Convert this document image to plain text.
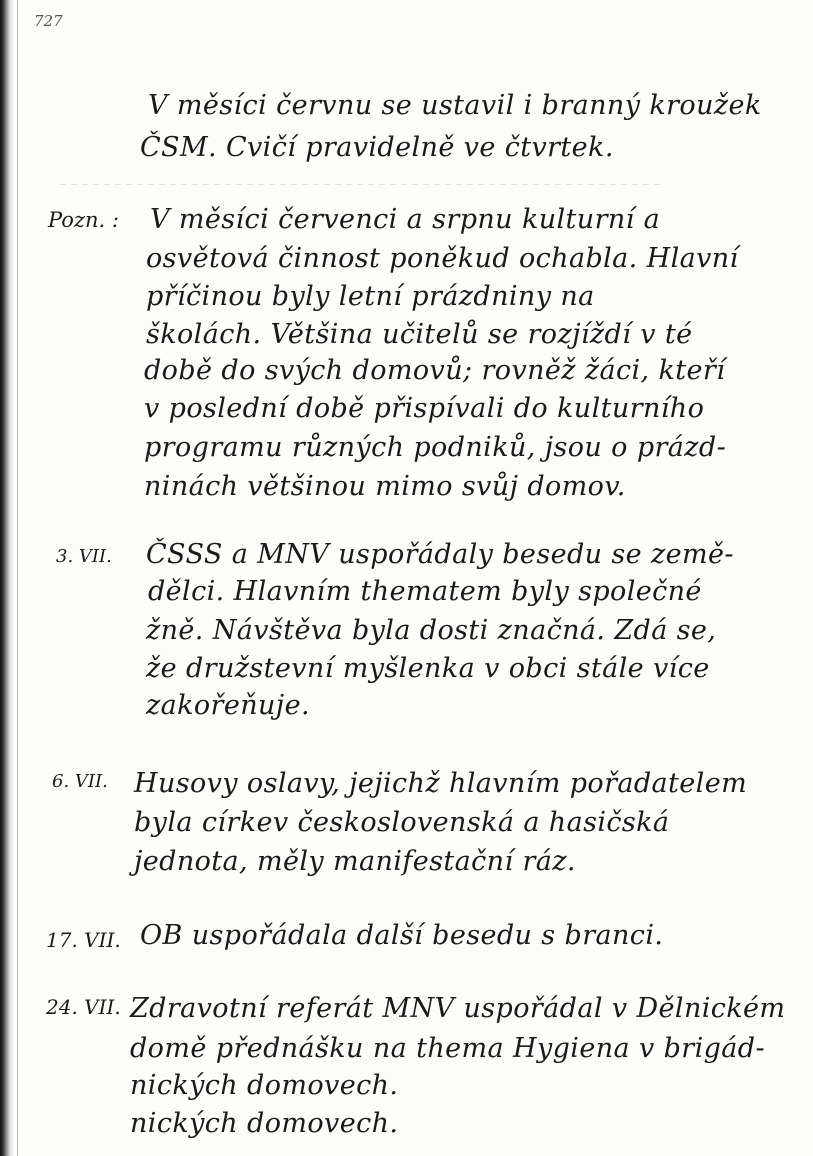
727
V měsíci červnu se ustavil i branný kroužek
ČSM. Cvičí pravidelně ve čtvrtek.
Pozn. : V měsíci červenci a srpnu kulturní a
osvětová činnost poněkud ochabla. Hlavní
příčinou byly letní prázdniny na
školách. Většina učitelů se rozjíždí v té
době do svých domovů; rovněž žáci, kteří
v poslední době přispívali do kulturního
programu různých podniků, jsou o prázd-
ninách většinou mimo svůj domov.
3. VII. ČSSS a MNV uspořádaly besedu se země-
dělci. Hlavním thematem byly společné
žně. Návštěva byla dosti značná. Zdá se,
že družstevní myšlenka v obci stále více
zakořeňuje.
6. VII. Husovy oslavy, jejichž hlavním pořadatelem
byla církev československá a hasičská
jednota, měly manifestační ráz.
17. VII. OB uspořádala další besedu s branci.
24. VII. Zdravotní referát MNV uspořádal v Dělnickém
domě přednášku na thema Hygiena v brigád-
nických domovech.
nických domovech.
